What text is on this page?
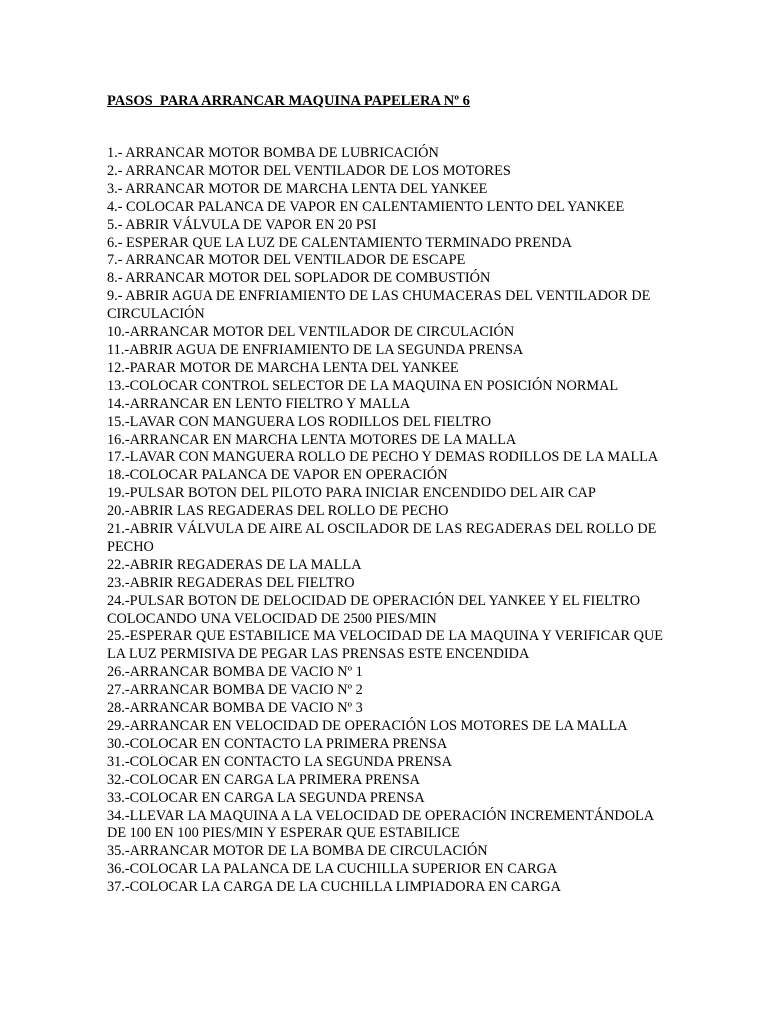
PASOS  PARA ARRANCAR MAQUINA PAPELERA Nº 6

1.- ARRANCAR MOTOR BOMBA DE LUBRICACIÓN
2.- ARRANCAR MOTOR DEL VENTILADOR DE LOS MOTORES
3.- ARRANCAR MOTOR DE MARCHA LENTA DEL YANKEE
4.- COLOCAR PALANCA DE VAPOR EN CALENTAMIENTO LENTO DEL YANKEE
5.- ABRIR VÁLVULA DE VAPOR EN 20 PSI
6.- ESPERAR QUE LA LUZ DE CALENTAMIENTO TERMINADO PRENDA
7.- ARRANCAR MOTOR DEL VENTILADOR DE ESCAPE
8.- ARRANCAR MOTOR DEL SOPLADOR DE COMBUSTIÓN
9.- ABRIR AGUA DE ENFRIAMIENTO DE LAS CHUMACERAS DEL VENTILADOR DE CIRCULACIÓN
10.-ARRANCAR MOTOR DEL VENTILADOR DE CIRCULACIÓN
11.-ABRIR AGUA DE ENFRIAMIENTO DE LA SEGUNDA PRENSA
12.-PARAR MOTOR DE MARCHA LENTA DEL YANKEE
13.-COLOCAR CONTROL SELECTOR DE LA MAQUINA EN POSICIÓN NORMAL
14.-ARRANCAR EN LENTO FIELTRO Y MALLA
15.-LAVAR CON MANGUERA LOS RODILLOS DEL FIELTRO
16.-ARRANCAR EN MARCHA LENTA MOTORES DE LA MALLA
17.-LAVAR CON MANGUERA ROLLO DE PECHO Y DEMAS RODILLOS DE LA MALLA
18.-COLOCAR PALANCA DE VAPOR EN OPERACIÓN
19.-PULSAR BOTON DEL PILOTO PARA INICIAR ENCENDIDO DEL AIR CAP
20.-ABRIR LAS REGADERAS DEL ROLLO DE PECHO
21.-ABRIR VÁLVULA DE AIRE AL OSCILADOR DE LAS REGADERAS DEL ROLLO DE PECHO
22.-ABRIR REGADERAS DE LA MALLA
23.-ABRIR REGADERAS DEL FIELTRO
24.-PULSAR BOTON DE DELOCIDAD DE OPERACIÓN DEL YANKEE Y EL FIELTRO COLOCANDO UNA VELOCIDAD DE 2500 PIES/MIN
25.-ESPERAR QUE ESTABILICE MA VELOCIDAD DE LA MAQUINA Y VERIFICAR QUE LA LUZ PERMISIVA DE PEGAR LAS PRENSAS ESTE ENCENDIDA
26.-ARRANCAR BOMBA DE VACIO Nº 1
27.-ARRANCAR BOMBA DE VACIO Nº 2
28.-ARRANCAR BOMBA DE VACIO Nº 3
29.-ARRANCAR EN VELOCIDAD DE OPERACIÓN LOS MOTORES DE LA MALLA
30.-COLOCAR EN CONTACTO LA PRIMERA PRENSA
31.-COLOCAR EN CONTACTO LA SEGUNDA PRENSA
32.-COLOCAR EN CARGA LA PRIMERA PRENSA
33.-COLOCAR EN CARGA LA SEGUNDA PRENSA
34.-LLEVAR LA MAQUINA A LA VELOCIDAD DE OPERACIÓN INCREMENTÁNDOLA DE 100 EN 100 PIES/MIN Y ESPERAR QUE ESTABILICE
35.-ARRANCAR MOTOR DE LA BOMBA DE CIRCULACIÓN
36.-COLOCAR LA PALANCA DE LA CUCHILLA SUPERIOR EN CARGA
37.-COLOCAR LA CARGA DE LA CUCHILLA LIMPIADORA EN CARGA
